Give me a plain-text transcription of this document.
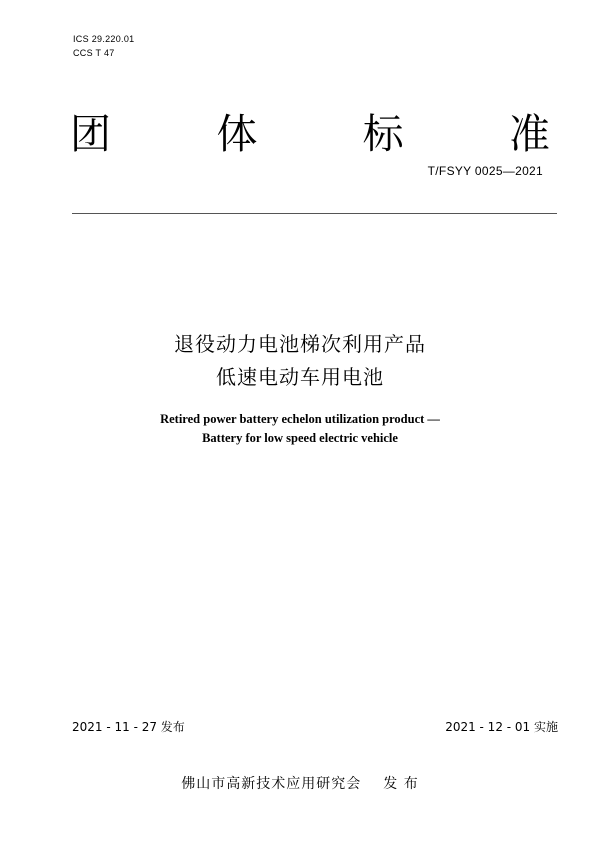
ICS 29.220.01
CCS T 47
团	体	标	准
T/FSYY 0025—2021
退役动力电池梯次利用产品
低速电动车用电池
Retired power battery echelon utilization product —
Battery for low speed electric vehicle
2021 - 11 - 27 发布	2021 - 12 - 01 实施
佛山市高新技术应用研究会 发 布
